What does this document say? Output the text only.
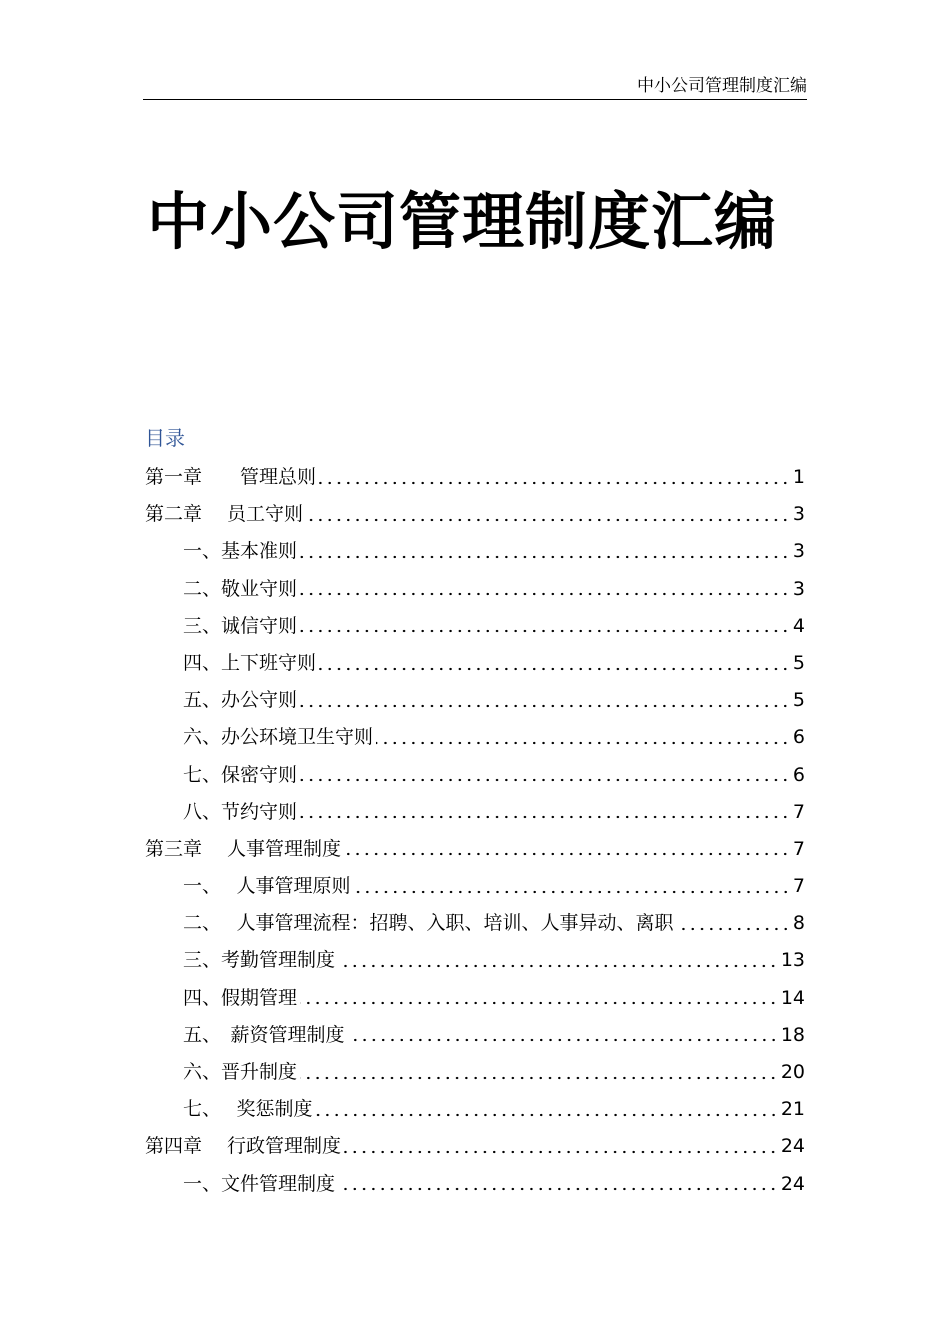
中小公司管理制度汇编
中小公司管理制度汇编
目录
第一章　　管理总则	1
第二章　 员工守则	3
一、基本准则	3
二、敬业守则	3
三、诚信守则	4
四、上下班守则	5
五、办公守则	5
六、办公环境卫生守则	6
七、保密守则	6
八、节约守则	7
第三章　 人事管理制度	7
一、　 人事管理原则	7
二、　 人事管理流程：招聘、入职、培训、人事异动、离职	8
三、考勤管理制度	13
四、假期管理	14
五、　薪资管理制度	18
六、晋升制度	20
七、　 奖惩制度	21
第四章　 行政管理制度	24
一、文件管理制度	24
